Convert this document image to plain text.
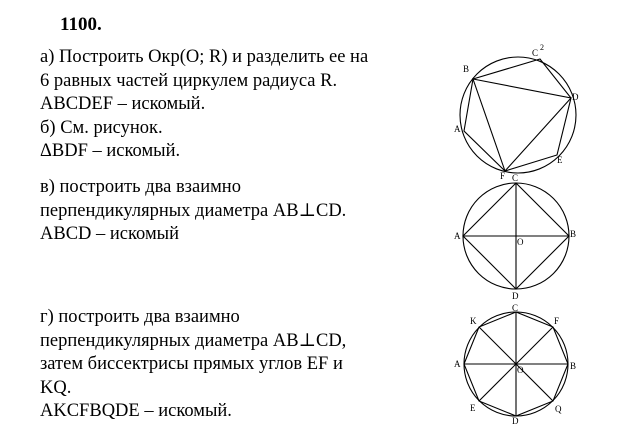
1100.
а) Построить Окр(O; R) и разделить ее на
6 равных частей циркулем радиуса R.
ABCDEF – искомый.
б) См. рисунок.
ΔBDF – искомый.
в) построить два взаимно
перпендикулярных диаметра AB⊥CD.
ABCD – искомый
г) построить два взаимно
перпендикулярных диаметра AB⊥CD,
затем биссектрисы прямых углов EF и
KQ.
AKCFBQDE – искомый.
B
C
2
D
A
E
F C
A	B
O
D
C
K	F
A	B
O
E	Q
D
